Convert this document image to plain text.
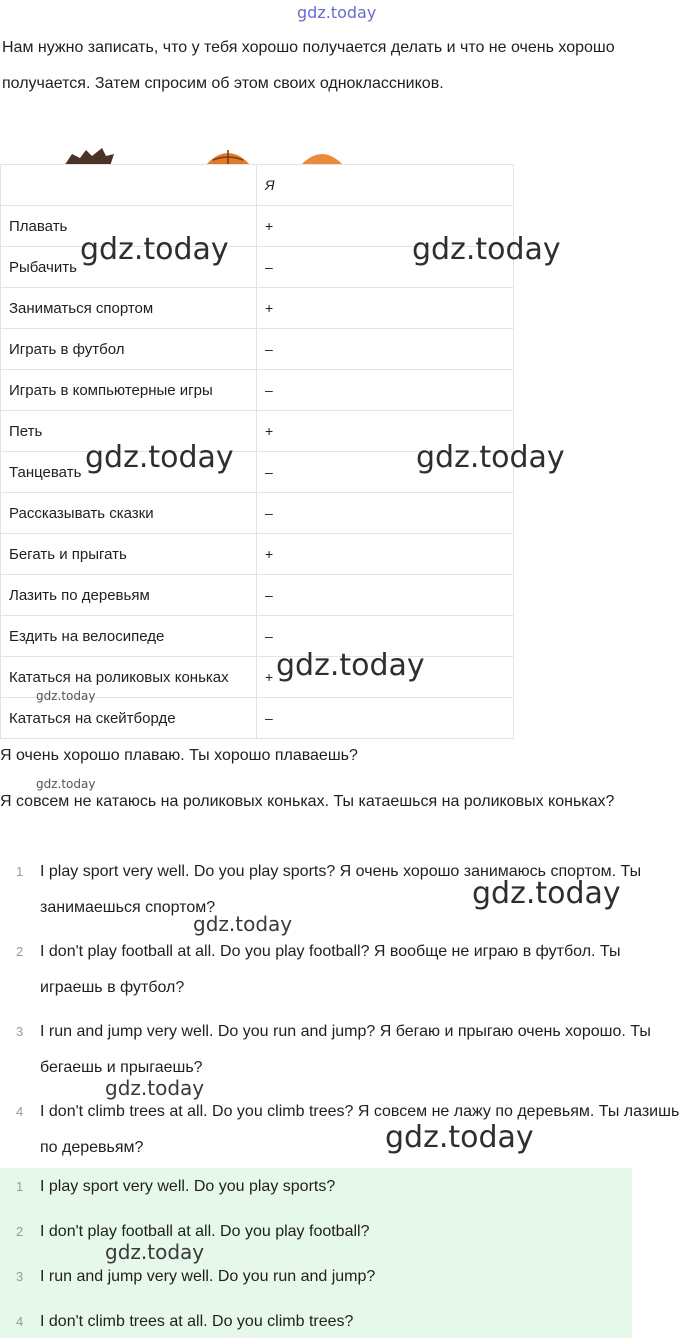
gdz.today

Нам нужно записать, что у тебя хорошо получается делать и что не очень хорошо получается. Затем спросим об этом своих одноклассников.

	Я
Плавать	+
Рыбачить	–
Заниматься спортом	+
Играть в футбол	–
Играть в компьютерные игры	–
Петь	+
Танцевать	–
Рассказывать сказки	–
Бегать и прыгать	+
Лазить по деревьям	–
Ездить на велосипеде	–
Кататься на роликовых коньках	+
Кататься на скейтборде	–

Я очень хорошо плаваю. Ты хорошо плаваешь?

Я совсем не катаюсь на роликовых коньках. Ты катаешься на роликовых коньках?

1 I play sport very well. Do you play sports? Я очень хорошо занимаюсь спортом. Ты занимаешься спортом?
2 I don't play football at all. Do you play football? Я вообще не играю в футбол. Ты играешь в футбол?
3 I run and jump very well. Do you run and jump? Я бегаю и прыгаю очень хорошо. Ты бегаешь и прыгаешь?
4 I don't climb trees at all. Do you climb trees? Я совсем не лажу по деревьям. Ты лазишь по деревьям?
1 I play sport very well. Do you play sports?
2 I don't play football at all. Do you play football?
3 I run and jump very well. Do you run and jump?
4 I don't climb trees at all. Do you climb trees?
gdz.today	gdz.today
gdz.today	gdz.today
gdz.today
gdz.today
gdz.today
gdz.today
gdz.today
gdz.today
gdz.today
gdz.today
